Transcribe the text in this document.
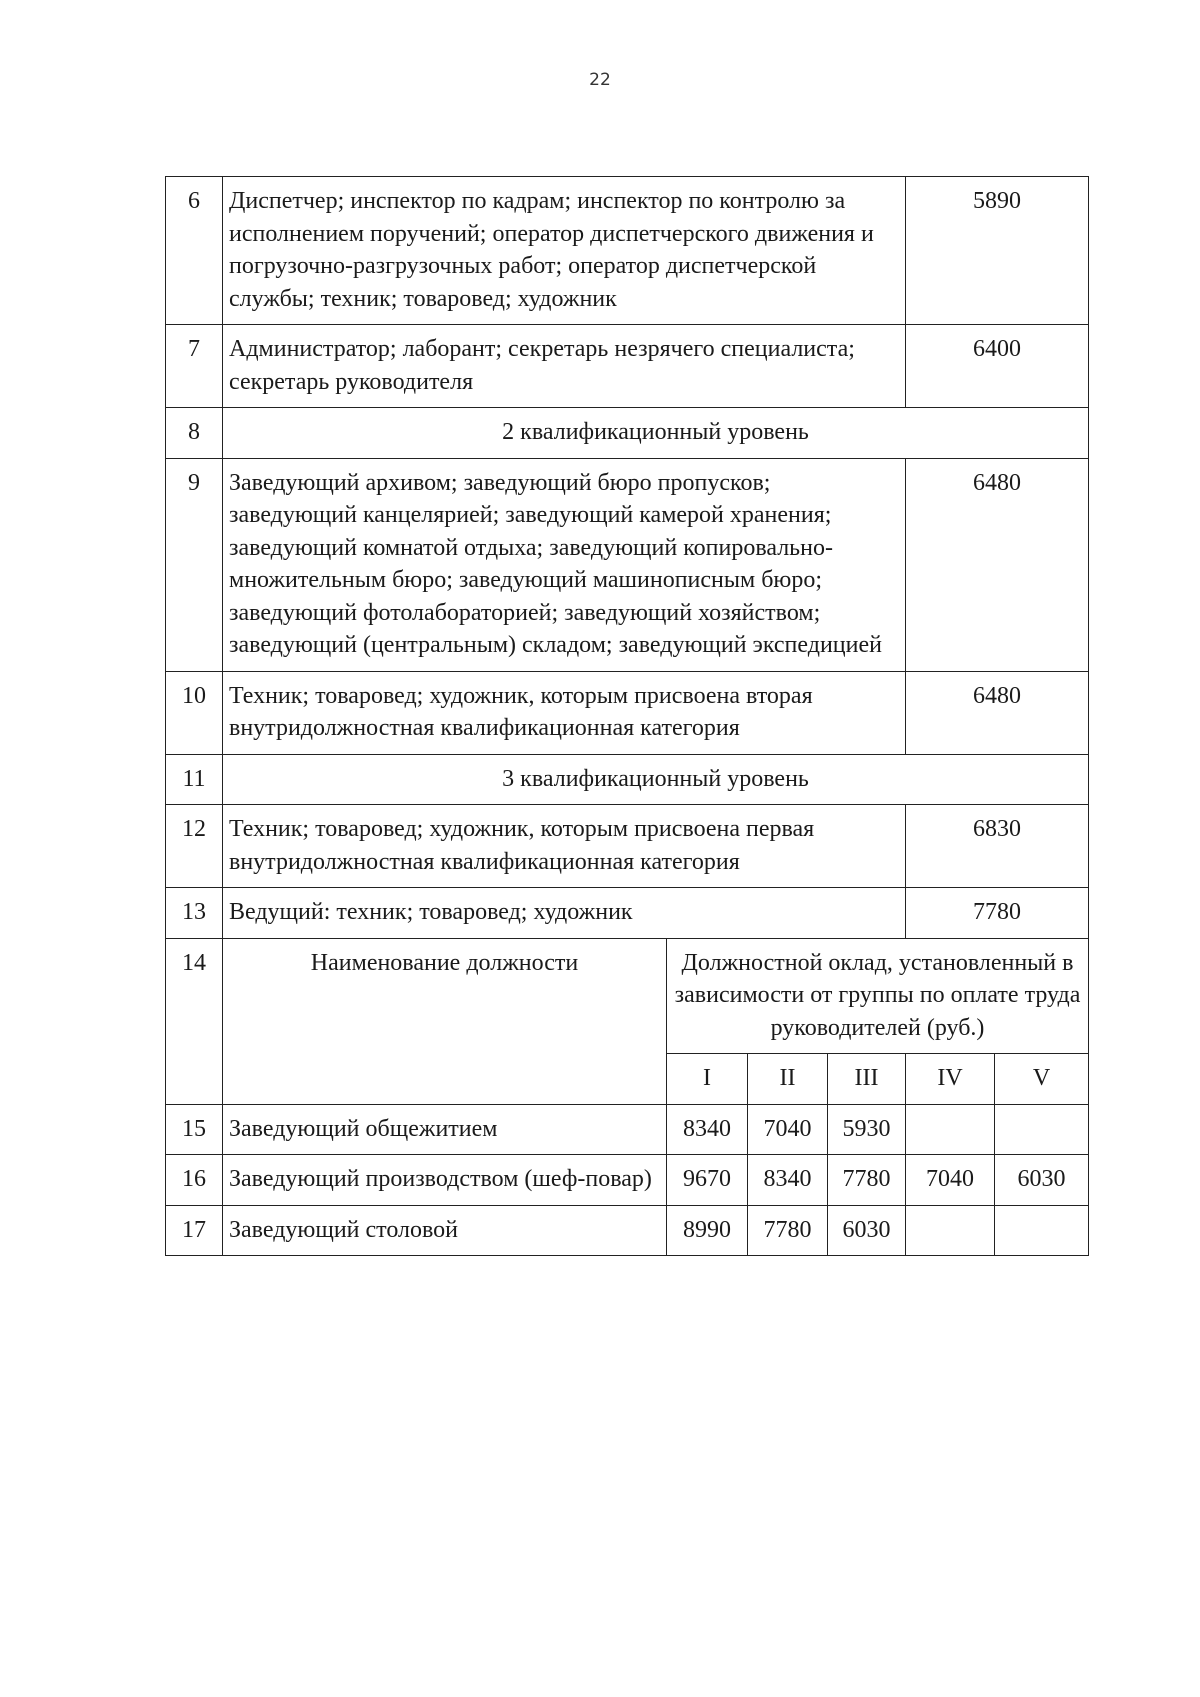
22
6	Диспетчер; инспектор по кадрам; инспектор по контролю за исполнением поручений; оператор диспетчерского движения и погрузочно-разгрузочных работ; оператор диспетчерской службы; техник; товаровед; художник				5890	
7	Администратор; лаборант; секретарь незрячего специалиста; секретарь руководителя				6400	
8	2 квалификационный уровень					
9	Заведующий архивом; заведующий бюро пропусков; заведующий канцелярией; заведующий камерой хранения; заведующий комнатой отдыха; заведующий копировально-множительным бюро; заведующий машинописным бюро; заведующий фотолабораторией; заведующий хозяйством; заведующий (центральным) складом; заведующий экспедицией				6480	
10	Техник; товаровед; художник, которым присвоена вторая внутридолжностная квалификационная категория				6480	
11	3 квалификационный уровень					
12	Техник; товаровед; художник, которым присвоена первая внутридолжностная квалификационная категория				6830	
13	Ведущий: техник; товаровед; художник				7780	
14	Наименование должности	Должностной оклад, установленный в зависимости от группы по оплате труда руководителей (руб.)				
		I	II	III	IV	V
15	Заведующий общежитием	8340	7040	5930		
16	Заведующий производством (шеф-повар)	9670	8340	7780	7040	6030
17	Заведующий столовой	8990	7780	6030		
